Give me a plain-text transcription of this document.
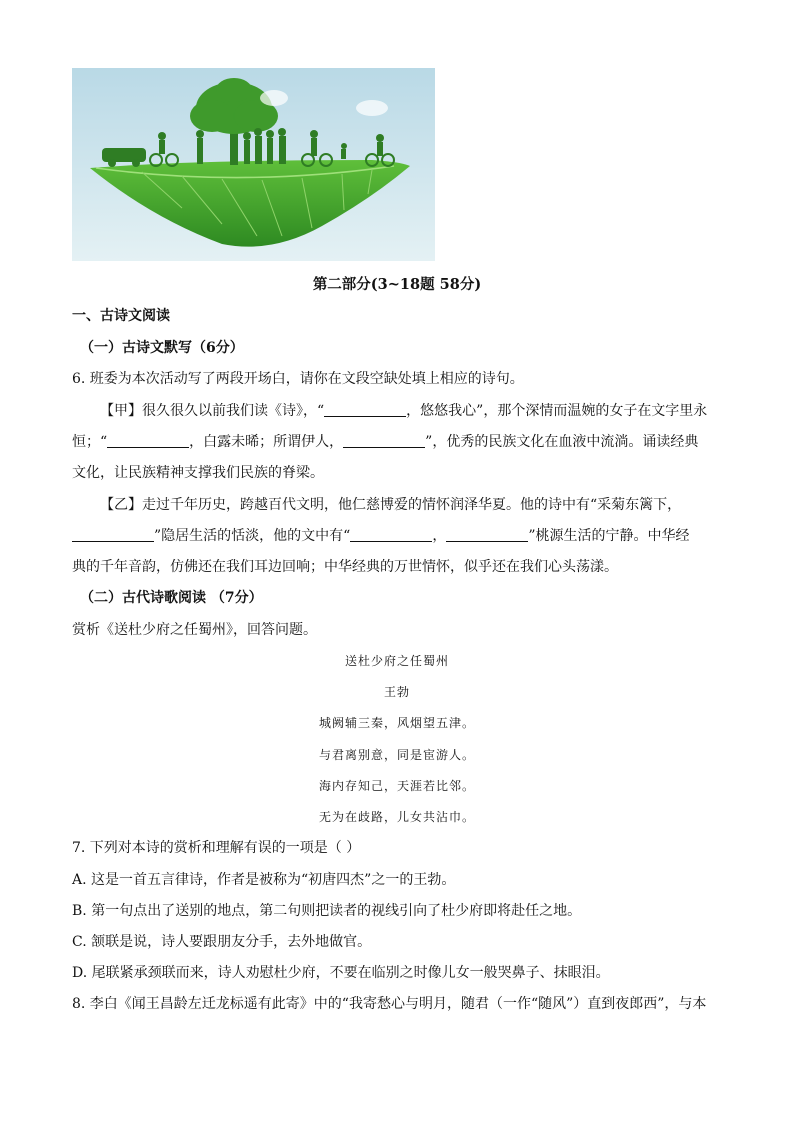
第二部分(3~18题 58分)
一、古诗文阅读
（一）古诗文默写（6分）
6. 班委为本次活动写了两段开场白，请你在文段空缺处填上相应的诗句。
【甲】很久很久以前我们读《诗》，“	，悠悠我心”，那个深情而温婉的女子在文字里永
恒；“	，白露未晞；所谓伊人，	”，优秀的民族文化在血液中流淌。诵读经典
文化，让民族精神支撑我们民族的脊梁。
【乙】走过千年历史，跨越百代文明，他仁慈博爱的情怀润泽华夏。他的诗中有“采菊东篱下，
”隐居生活的恬淡，他的文中有“	，	”桃源生活的宁静。中华经
典的千年音韵，仿佛还在我们耳边回响；中华经典的万世情怀，似乎还在我们心头荡漾。
（二）古代诗歌阅读 （7分）
赏析《送杜少府之任蜀州》，回答问题。
送杜少府之任蜀州
王勃
城阙辅三秦，风烟望五津。
与君离别意，同是宦游人。
海内存知己，天涯若比邻。
无为在歧路，儿女共沾巾。
7. 下列对本诗的赏析和理解有误的一项是（ ）
A. 这是一首五言律诗，作者是被称为“初唐四杰”之一的王勃。
B. 第一句点出了送别的地点，第二句则把读者的视线引向了杜少府即将赴任之地。
C. 颔联是说，诗人要跟朋友分手，去外地做官。
D. 尾联紧承颈联而来，诗人劝慰杜少府，不要在临别之时像儿女一般哭鼻子、抹眼泪。
8. 李白《闻王昌龄左迁龙标遥有此寄》中的“我寄愁心与明月，随君（一作“随风”）直到夜郎西”，与本
